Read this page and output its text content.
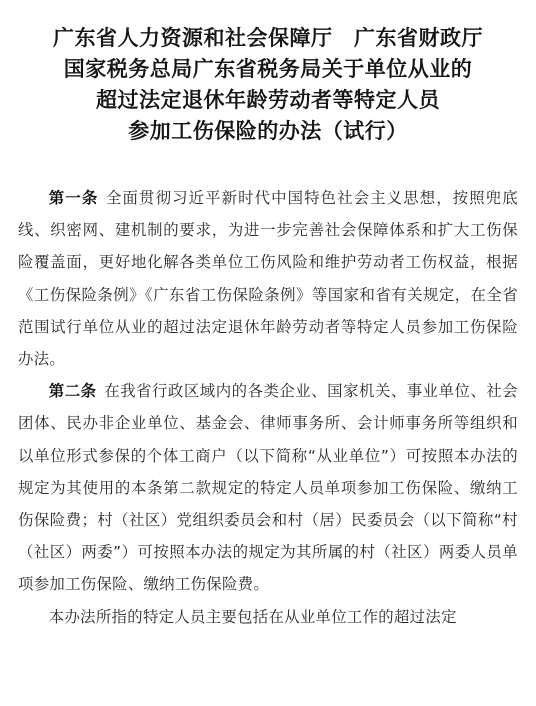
广东省人力资源和社会保障厅　广东省财政厅
国家税务总局广东省税务局关于单位从业的
超过法定退休年龄劳动者等特定人员
参加工伤保险的办法（试行）

第一条 全面贯彻习近平新时代中国特色社会主义思想，按照兜底线、织密网、建机制的要求，为进一步完善社会保障体系和扩大工伤保险覆盖面，更好地化解各类单位工伤风险和维护劳动者工伤权益，根据《工伤保险条例》《广东省工伤保险条例》等国家和省有关规定，在全省范围试行单位从业的超过法定退休年龄劳动者等特定人员参加工伤保险办法。

第二条 在我省行政区域内的各类企业、国家机关、事业单位、社会团体、民办非企业单位、基金会、律师事务所、会计师事务所等组织和以单位形式参保的个体工商户（以下简称“从业单位”）可按照本办法的规定为其使用的本条第二款规定的特定人员单项参加工伤保险、缴纳工伤保险费；村（社区）党组织委员会和村（居）民委员会（以下简称“村（社区）两委”）可按照本办法的规定为其所属的村（社区）两委人员单项参加工伤保险、缴纳工伤保险费。

本办法所指的特定人员主要包括在从业单位工作的超过法定
